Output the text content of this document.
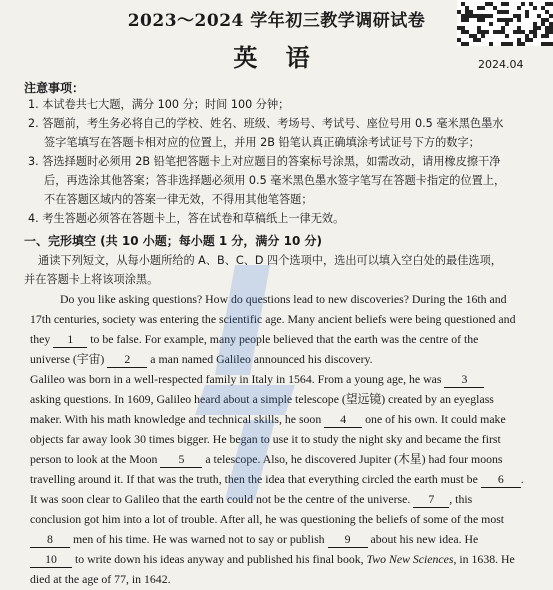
2023～2024 学年初三教学调研试卷
英 语	2024.04
注意事项：
1. 本试卷共七大题，满分 100 分；时间 100 分钟；
2. 答题前，考生务必将自己的学校、姓名、班级、考场号、考试号、座位号用 0.5 毫米黑色墨水
签字笔填写在答题卡相对应的位置上，并用 2B 铅笔认真正确填涂考试证号下方的数字；
3. 答选择题时必须用 2B 铅笔把答题卡上对应题目的答案标号涂黑，如需改动，请用橡皮擦干净
后，再选涂其他答案；答非选择题必须用 0.5 毫米黑色墨水签字笔写在答题卡指定的位置上，
不在答题区域内的答案一律无效，不得用其他笔答题；
4. 考生答题必须答在答题卡上，答在试卷和草稿纸上一律无效。
一、完形填空 (共 10 小题；每小题 1 分，满分 10 分)
通读下列短文，从每小题所给的 A、B、C、D 四个选项中，选出可以填入空白处的最佳选项，
并在答题卡上将该项涂黑。
Do you like asking questions? How do questions lead to new discoveries? During the 16th and
17th centuries, society was entering the scientific age. Many ancient beliefs were being questioned and
they 1 to be false. For example, many people believed that the earth was the centre of the
universe (宇宙) 2 a man named Galileo announced his discovery.
Galileo was born in a well-respected family in Italy in 1564. From a young age, he was 3
asking questions. In 1609, Galileo heard about a simple telescope (望远镜) created by an eyeglass
maker. With his math knowledge and technical skills, he soon 4 one of his own. It could make
objects far away look 30 times bigger. He began to use it to study the night sky and became the first
person to look at the Moon 5 a telescope. Also, he discovered Jupiter (木星) had four moons
travelling around it. If that was the truth, then the idea that everything circled the earth must be 6 .
It was soon clear to Galileo that the earth could not be the centre of the universe. 7 , this
conclusion got him into a lot of trouble. After all, he was questioning the beliefs of some of the most
8 men of his time. He was warned not to say or publish 9 about his new idea. He
10 to write down his ideas anyway and published his final book, Two New Sciences, in 1638. He
died at the age of 77, in 1642.
